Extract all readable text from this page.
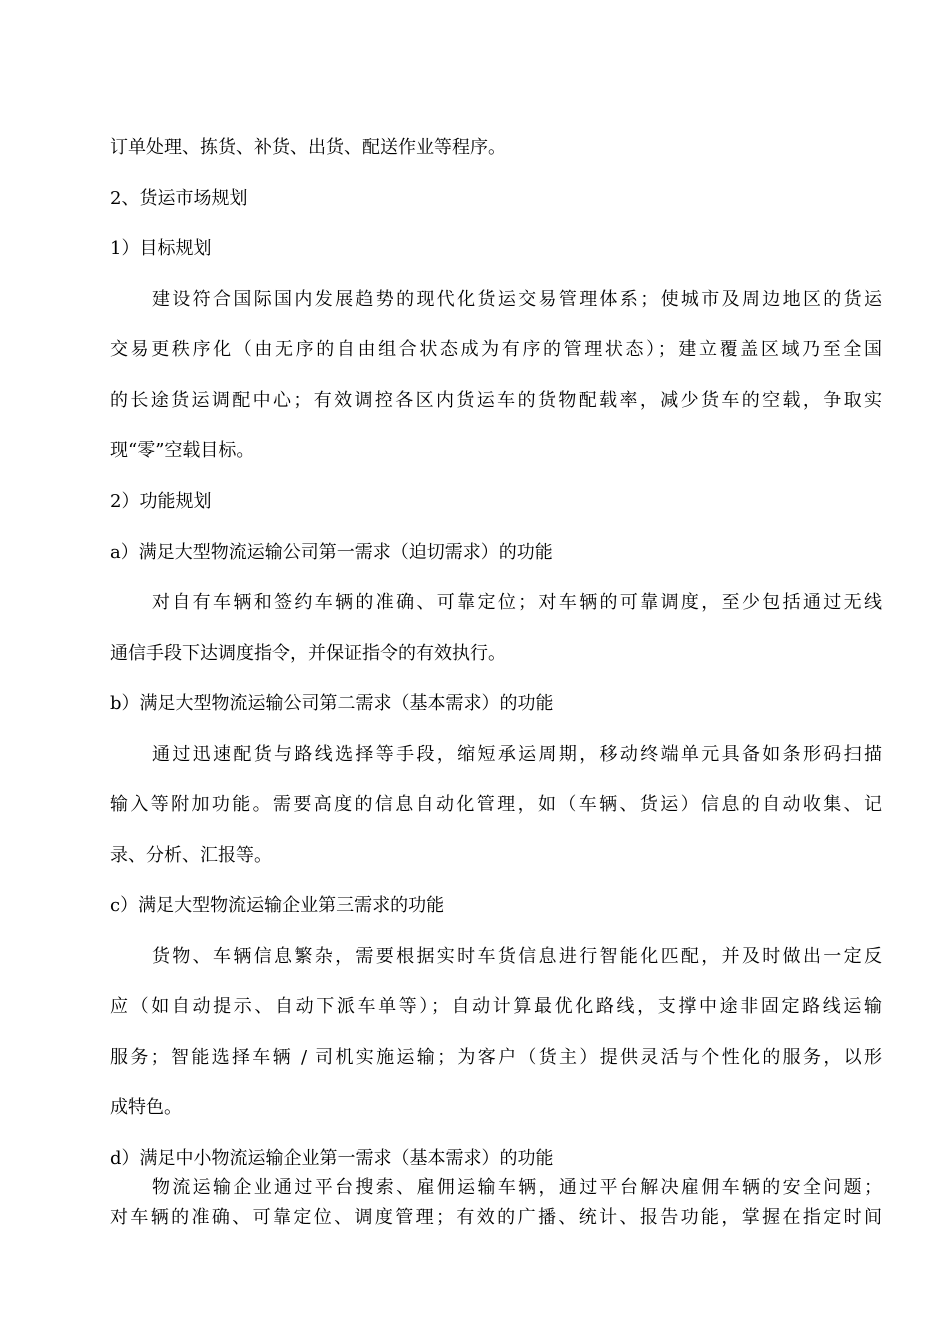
订单处理、拣货、补货、出货、配送作业等程序。
2、货运市场规划
1）目标规划
建设符合国际国内发展趋势的现代化货运交易管理体系；使城市及周边地区的货运
交易更秩序化（由无序的自由组合状态成为有序的管理状态）；建立覆盖区域乃至全国
的长途货运调配中心；有效调控各区内货运车的货物配载率，减少货车的空载，争取实
现“零”空载目标。
2）功能规划
a）满足大型物流运输公司第一需求（迫切需求）的功能
对自有车辆和签约车辆的准确、可靠定位；对车辆的可靠调度，至少包括通过无线
通信手段下达调度指令，并保证指令的有效执行。
b）满足大型物流运输公司第二需求（基本需求）的功能
通过迅速配货与路线选择等手段，缩短承运周期，移动终端单元具备如条形码扫描
输入等附加功能。需要高度的信息自动化管理，如（车辆、货运）信息的自动收集、记
录、分析、汇报等。
c）满足大型物流运输企业第三需求的功能
货物、车辆信息繁杂，需要根据实时车货信息进行智能化匹配，并及时做出一定反
应（如自动提示、自动下派车单等）；自动计算最优化路线，支撑中途非固定路线运输
服务；智能选择车辆 / 司机实施运输；为客户（货主）提供灵活与个性化的服务，以形
成特色。
d）满足中小物流运输企业第一需求（基本需求）的功能
物流运输企业通过平台搜索、雇佣运输车辆，通过平台解决雇佣车辆的安全问题；
对车辆的准确、可靠定位、调度管理；有效的广播、统计、报告功能，掌握在指定时间
